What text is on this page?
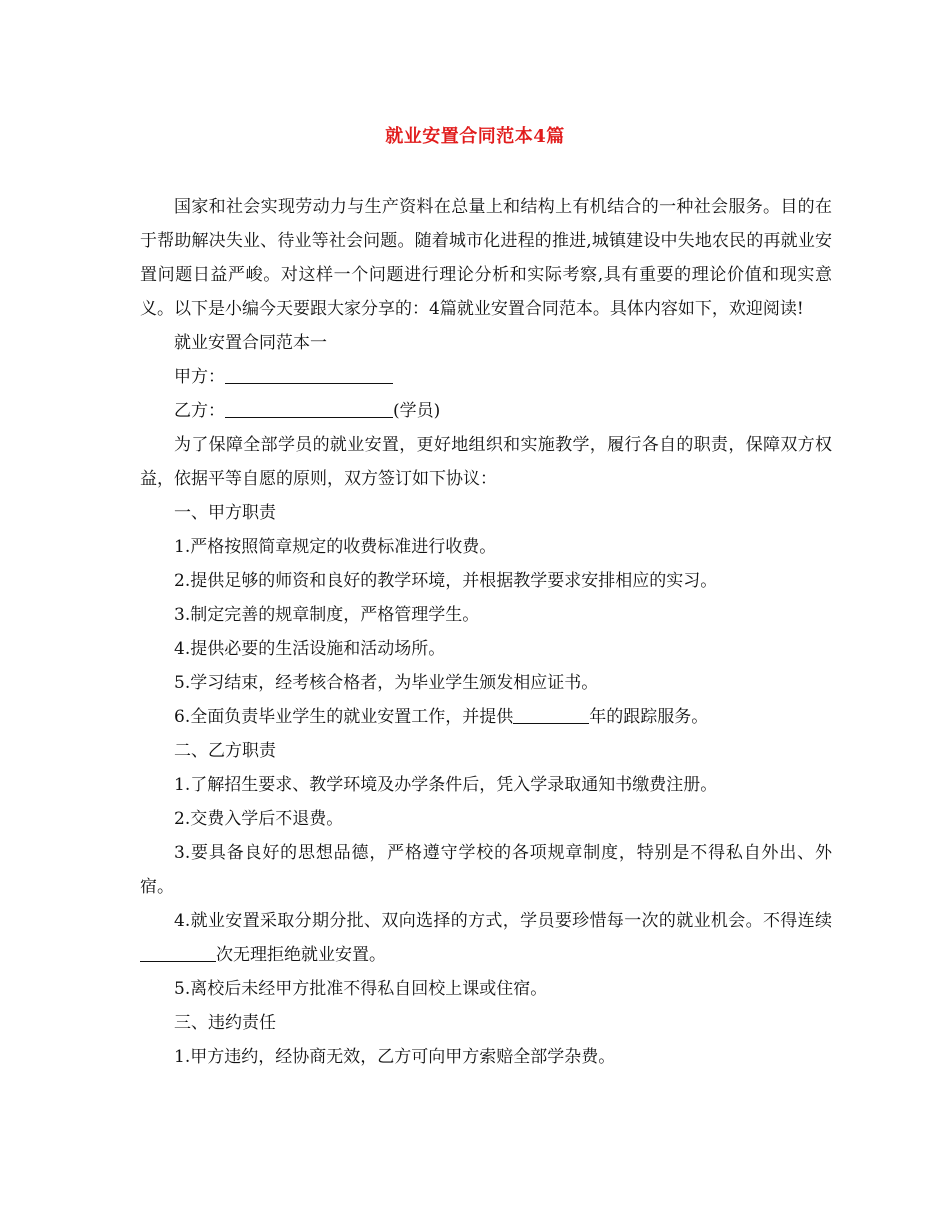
就业安置合同范本4篇

国家和社会实现劳动力与生产资料在总量上和结构上有机结合的一种社会服务。目的在于帮助解决失业、待业等社会问题。随着城市化进程的推进,城镇建设中失地农民的再就业安置问题日益严峻。对这样一个问题进行理论分析和实际考察,具有重要的理论价值和现实意义。以下是小编今天要跟大家分享的：4篇就业安置合同范本。具体内容如下，欢迎阅读!

就业安置合同范本一

甲方：

乙方：	(学员)

为了保障全部学员的就业安置，更好地组织和实施教学，履行各自的职责，保障双方权益，依据平等自愿的原则，双方签订如下协议：

一、甲方职责

1.严格按照简章规定的收费标准进行收费。

2.提供足够的师资和良好的教学环境，并根据教学要求安排相应的实习。

3.制定完善的规章制度，严格管理学生。

4.提供必要的生活设施和活动场所。

5.学习结束，经考核合格者，为毕业学生颁发相应证书。

6.全面负责毕业学生的就业安置工作，并提供	年的跟踪服务。

二、乙方职责

1.了解招生要求、教学环境及办学条件后，凭入学录取通知书缴费注册。

2.交费入学后不退费。

3.要具备良好的思想品德，严格遵守学校的各项规章制度，特别是不得私自外出、外宿。

4.就业安置采取分期分批、双向选择的方式，学员要珍惜每一次的就业机会。不得连续次无理拒绝就业安置。

5.离校后未经甲方批准不得私自回校上课或住宿。

三、违约责任

1.甲方违约，经协商无效，乙方可向甲方索赔全部学杂费。
